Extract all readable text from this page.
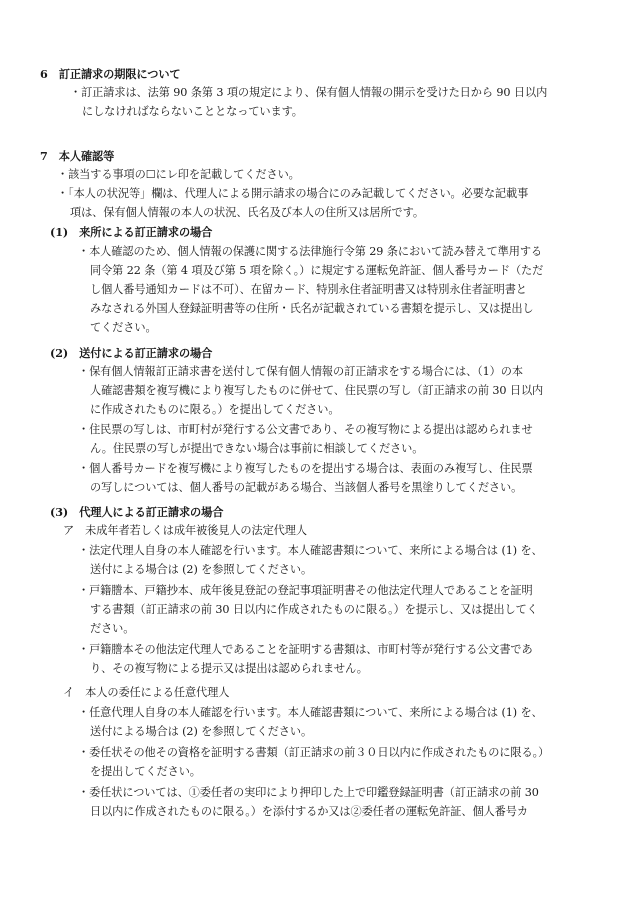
6　訂正請求の期限について
・訂正請求は、法第 90 条第 3 項の規定により、保有個人情報の開示を受けた日から 90 日以内
にしなければならないこととなっています。
7　本人確認等
・該当する事項の☐にレ印を記載してください。
・「本人の状況等」欄は、代理人による開示請求の場合にのみ記載してください。必要な記載事
項は、保有個人情報の本人の状況、氏名及び本人の住所又は居所です。
(1)　来所による訂正請求の場合
・本人確認のため、個人情報の保護に関する法律施行令第 29 条において読み替えて準用する
同令第 22 条（第 4 項及び第 5 項を除く。）に規定する運転免許証、個人番号カード（ただ
し個人番号通知カードは不可）、在留カード、特別永住者証明書又は特別永住者証明書と
みなされる外国人登録証明書等の住所・氏名が記載されている書類を提示し、又は提出し
てください。
(2)　送付による訂正請求の場合
・保有個人情報訂正請求書を送付して保有個人情報の訂正請求をする場合には、（1）の本
人確認書類を複写機により複写したものに併せて、住民票の写し（訂正請求の前 30 日以内
に作成されたものに限る。）を提出してください。
・住民票の写しは、市町村が発行する公文書であり、その複写物による提出は認められませ
ん。住民票の写しが提出できない場合は事前に相談してください。
・個人番号カードを複写機により複写したものを提出する場合は、表面のみ複写し、住民票
の写しについては、個人番号の記載がある場合、当該個人番号を黒塗りしてください。
(3)　代理人による訂正請求の場合
ア　未成年者若しくは成年被後見人の法定代理人
・法定代理人自身の本人確認を行います。本人確認書類について、来所による場合は (1) を、
送付による場合は (2) を参照してください。
・戸籍謄本、戸籍抄本、成年後見登記の登記事項証明書その他法定代理人であることを証明
する書類（訂正請求の前 30 日以内に作成されたものに限る。）を提示し、又は提出してく
ださい。
・戸籍謄本その他法定代理人であることを証明する書類は、市町村等が発行する公文書であ
り、その複写物による提示又は提出は認められません。
イ　本人の委任による任意代理人
・任意代理人自身の本人確認を行います。本人確認書類について、来所による場合は (1) を、
送付による場合は (2) を参照してください。
・委任状その他その資格を証明する書類（訂正請求の前３０日以内に作成されたものに限る。）
を提出してください。
・委任状については、①委任者の実印により押印した上で印鑑登録証明書（訂正請求の前 30
日以内に作成されたものに限る。）を添付するか又は②委任者の運転免許証、個人番号カ
